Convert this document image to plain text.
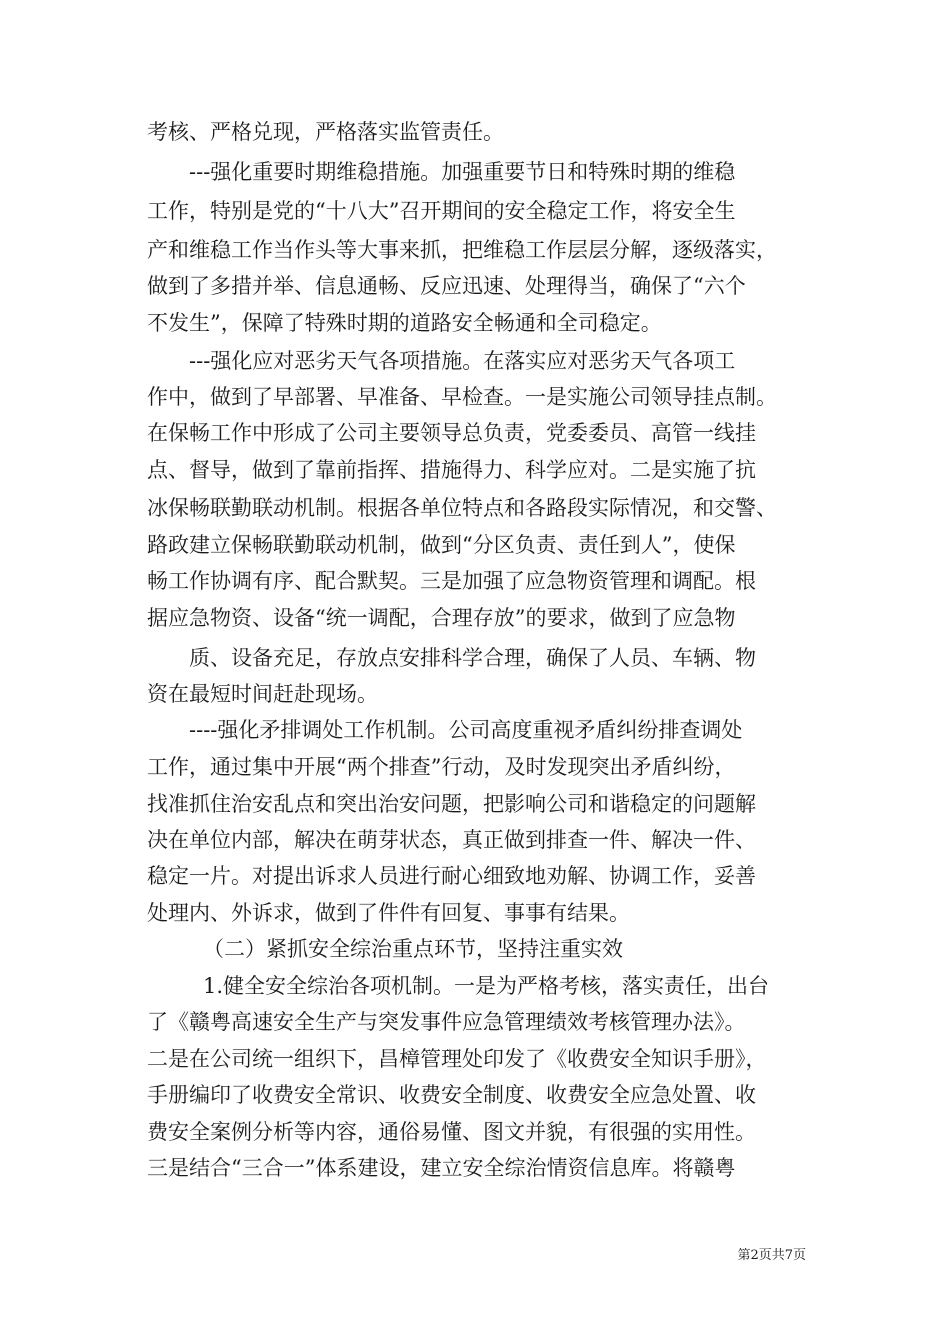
考核、严格兑现，严格落实监管责任。
---强化重要时期维稳措施。加强重要节日和特殊时期的维稳
工作，特别是党的“十八大”召开期间的安全稳定工作，将安全生
产和维稳工作当作头等大事来抓，把维稳工作层层分解，逐级落实，
做到了多措并举、信息通畅、反应迅速、处理得当，确保了“六个
不发生”，保障了特殊时期的道路安全畅通和全司稳定。
---强化应对恶劣天气各项措施。在落实应对恶劣天气各项工
作中，做到了早部署、早准备、早检查。一是实施公司领导挂点制。
在保畅工作中形成了公司主要领导总负责，党委委员、高管一线挂
点、督导，做到了靠前指挥、措施得力、科学应对。二是实施了抗
冰保畅联勤联动机制。根据各单位特点和各路段实际情况，和交警、
路政建立保畅联勤联动机制，做到“分区负责、责任到人”，使保
畅工作协调有序、配合默契。三是加强了应急物资管理和调配。根
据应急物资、设备“统一调配，合理存放”的要求，做到了应急物
质、设备充足，存放点安排科学合理，确保了人员、车辆、物
资在最短时间赶赴现场。
----强化矛排调处工作机制。公司高度重视矛盾纠纷排查调处
工作，通过集中开展“两个排查”行动，及时发现突出矛盾纠纷，
找准抓住治安乱点和突出治安问题，把影响公司和谐稳定的问题解
决在单位内部，解决在萌芽状态，真正做到排查一件、解决一件、
稳定一片。对提出诉求人员进行耐心细致地劝解、协调工作，妥善
处理内、外诉求，做到了件件有回复、事事有结果。
（二）紧抓安全综治重点环节，坚持注重实效
1.健全安全综治各项机制。一是为严格考核，落实责任，出台
了《赣粤高速安全生产与突发事件应急管理绩效考核管理办法》。
二是在公司统一组织下，昌樟管理处印发了《收费安全知识手册》，
手册编印了收费安全常识、收费安全制度、收费安全应急处置、收
费安全案例分析等内容，通俗易懂、图文并貌，有很强的实用性。
三是结合“三合一”体系建设，建立安全综治情资信息库。将赣粤
第2页共7页
